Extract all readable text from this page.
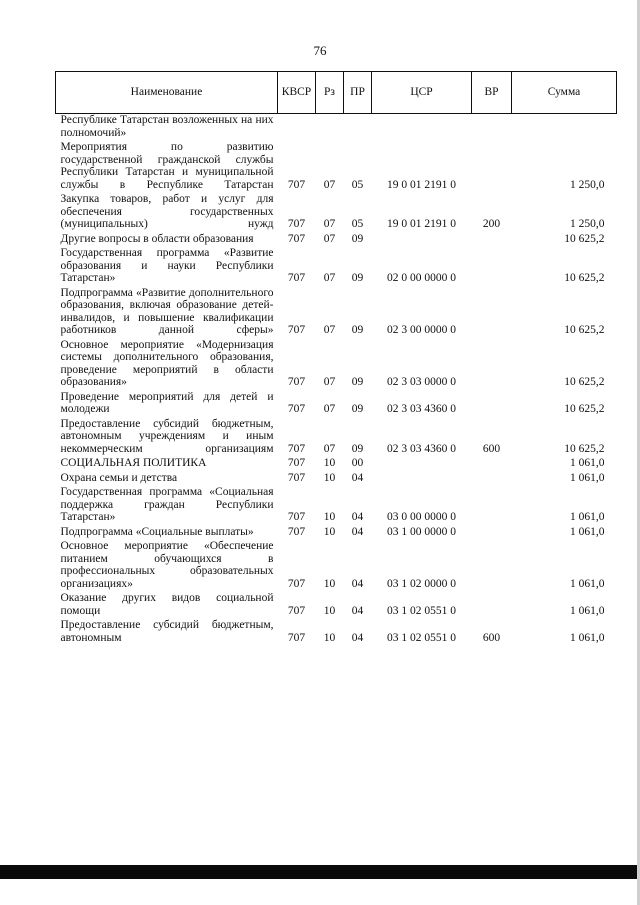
76
Наименование	КВСР	Рз	ПР	ЦСР	ВР	Сумма
Республике Татарстан возложенных на них полномочий»						
Мероприятия по развитию государственной гражданской службы Республики Татарстан и муниципальной службы в Республике Татарстан	707	07	05	19 0 01 2191 0		1 250,0
Закупка товаров, работ и услуг для обеспечения государственных (муниципальных) нужд	707	07	05	19 0 01 2191 0	200	1 250,0
Другие вопросы в области образования	707	07	09			10 625,2
Государственная программа «Развитие образования и науки Республики Татарстан»	707	07	09	02 0 00 0000 0		10 625,2
Подпрограмма «Развитие дополнительного образования, включая образование детей-инвалидов, и повышение квалификации работников данной сферы»	707	07	09	02 3 00 0000 0		10 625,2
Основное мероприятие «Модернизация системы дополнительного образования, проведение мероприятий в области образования»	707	07	09	02 3 03 0000 0		10 625,2
Проведение мероприятий для детей и молодежи	707	07	09	02 3 03 4360 0		10 625,2
Предоставление субсидий бюджетным, автономным учреждениям и иным некоммерческим организациям	707	07	09	02 3 03 4360 0	600	10 625,2
СОЦИАЛЬНАЯ ПОЛИТИКА	707	10	00			1 061,0
Охрана семьи и детства	707	10	04			1 061,0
Государственная программа «Социальная поддержка граждан Республики Татарстан»	707	10	04	03 0 00 0000 0		1 061,0
Подпрограмма «Социальные выплаты»	707	10	04	03 1 00 0000 0		1 061,0
Основное мероприятие «Обеспечение питанием обучающихся в профессиональных образовательных организациях»	707	10	04	03 1 02 0000 0		1 061,0
Оказание других видов социальной помощи	707	10	04	03 1 02 0551 0		1 061,0
Предоставление субсидий бюджетным, автономным	707	10	04	03 1 02 0551 0	600	1 061,0
